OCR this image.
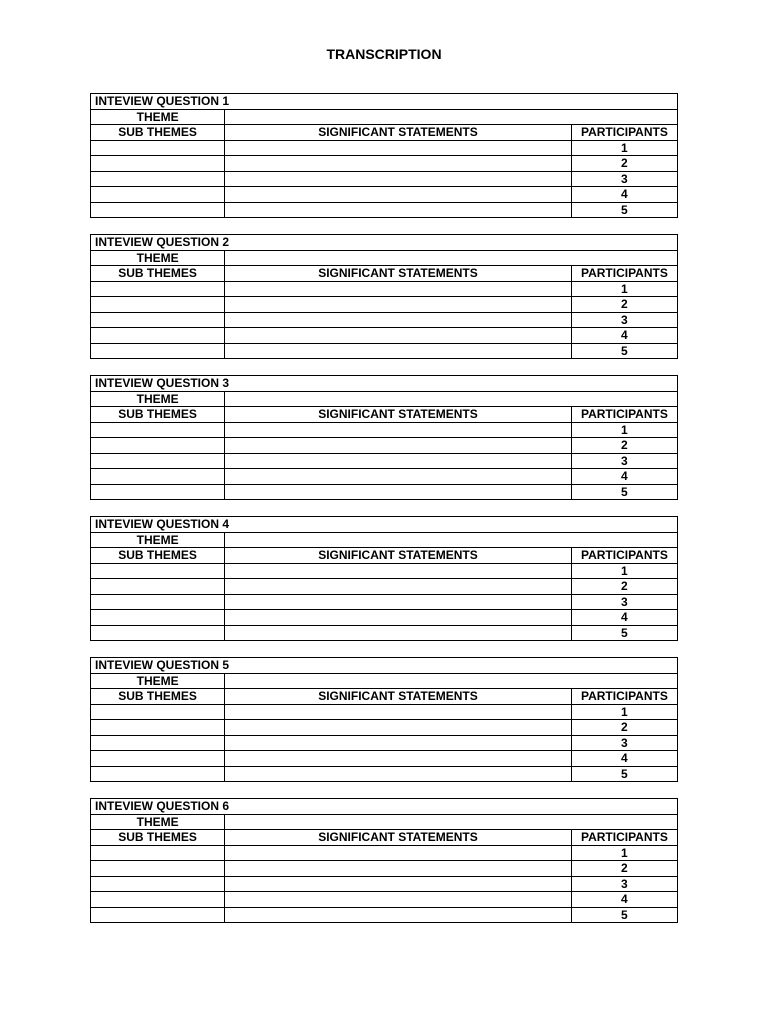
TRANSCRIPTION
INTEVIEW QUESTION 1		
THEME		
SUB THEMES	SIGNIFICANT STATEMENTS	PARTICIPANTS
		1
		2
		3
		4
		5
INTEVIEW QUESTION 2		
THEME		
SUB THEMES	SIGNIFICANT STATEMENTS	PARTICIPANTS
		1
		2
		3
		4
		5
INTEVIEW QUESTION 3		
THEME		
SUB THEMES	SIGNIFICANT STATEMENTS	PARTICIPANTS
		1
		2
		3
		4
		5
INTEVIEW QUESTION 4		
THEME		
SUB THEMES	SIGNIFICANT STATEMENTS	PARTICIPANTS
		1
		2
		3
		4
		5
INTEVIEW QUESTION 5		
THEME		
SUB THEMES	SIGNIFICANT STATEMENTS	PARTICIPANTS
		1
		2
		3
		4
		5
INTEVIEW QUESTION 6		
THEME		
SUB THEMES	SIGNIFICANT STATEMENTS	PARTICIPANTS
		1
		2
		3
		4
		5
